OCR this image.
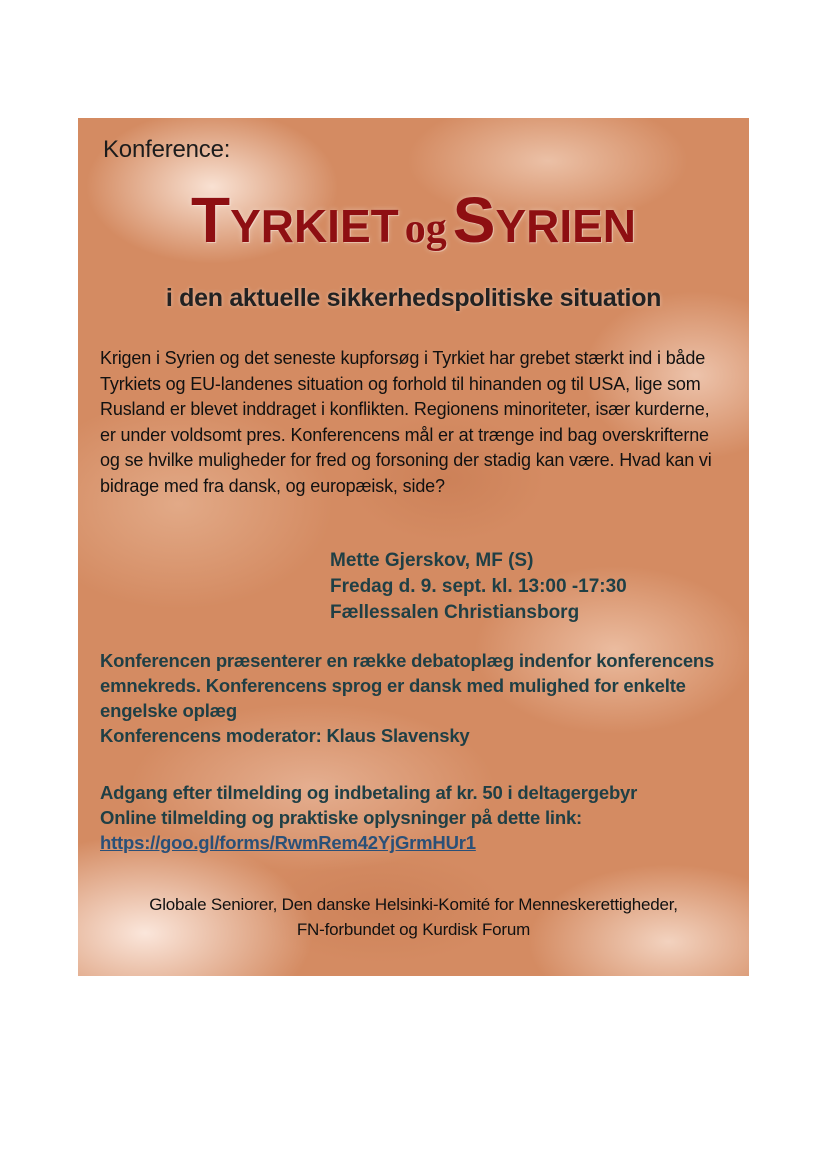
Konference:

TYRKIET ogSYRIEN

i den aktuelle sikkerhedspolitiske situation

Krigen i Syrien og det seneste kupforsøg i Tyrkiet har grebet stærkt ind i både Tyrkiets og EU-landenes situation og forhold til hinanden og til USA, lige som Rusland er blevet inddraget i konflikten. Regionens minoriteter, især kurderne, er under voldsomt pres. Konferencens mål er at trænge ind bag overskrifterne og se hvilke muligheder for fred og forsoning der stadig kan være. Hvad kan vi bidrage med fra dansk, og europæisk, side?

Mette Gjerskov, MF (S)
Fredag d. 9. sept. kl. 13:00 -17:30
Fællessalen Christiansborg
Konferencen præsenterer en række debatoplæg indenfor konferencens emnekreds. Konferencens sprog er dansk med mulighed for enkelte engelske oplæg
Konferencens moderator: Klaus Slavensky
Adgang efter tilmelding og indbetaling af kr. 50 i deltagergebyr
Online tilmelding og praktiske oplysninger på dette link:
https://goo.gl/forms/RwmRem42YjGrmHUr1
Globale Seniorer, Den danske Helsinki-Komité for Menneskerettigheder,
FN-forbundet og Kurdisk Forum
